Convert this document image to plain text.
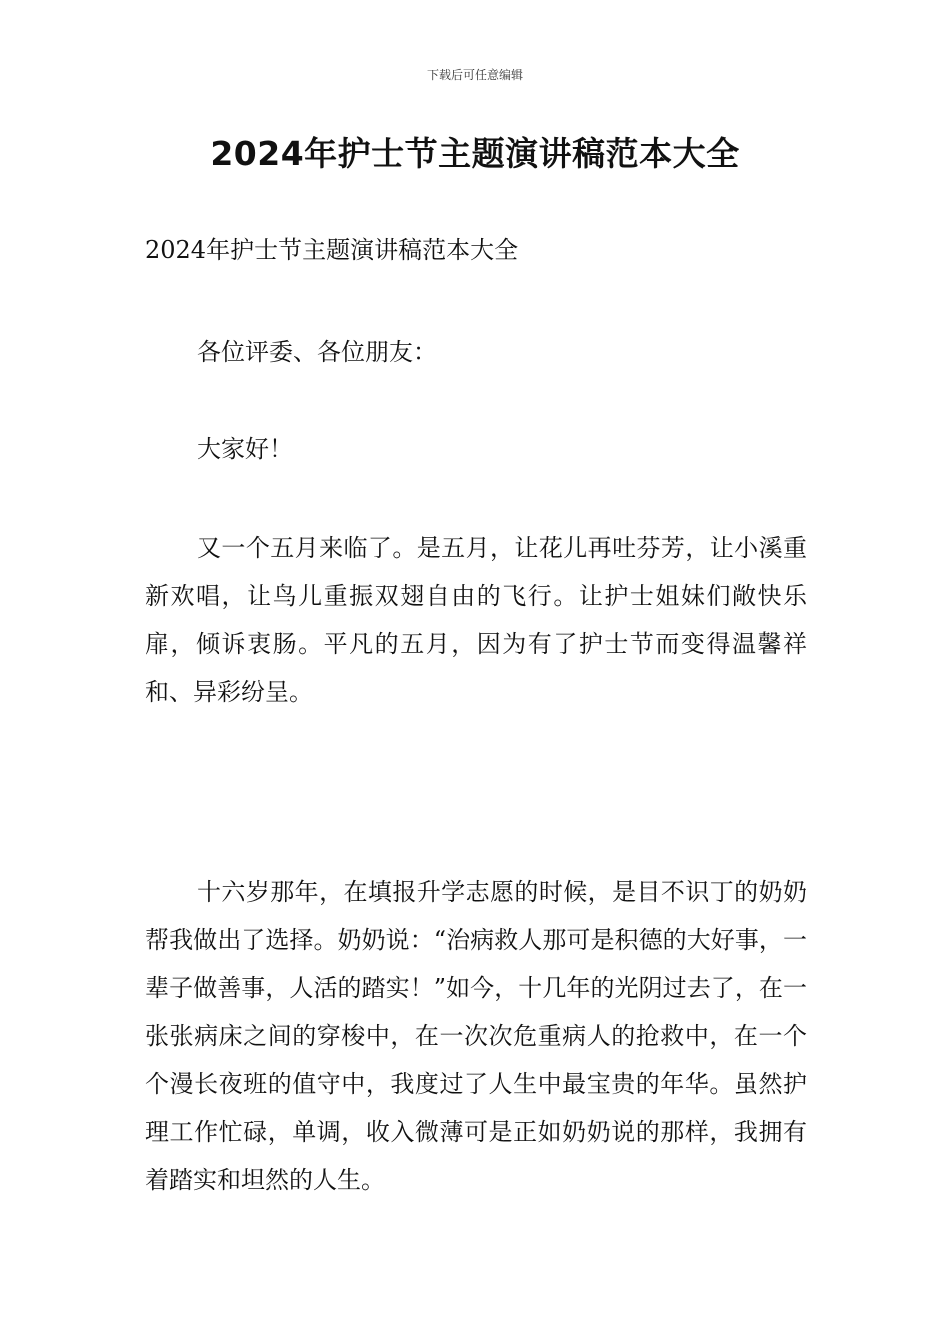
下载后可任意编辑
2024年护士节主题演讲稿范本大全

2024年护士节主题演讲稿范本大全

各位评委、各位朋友：

大家好！

又一个五月来临了。是五月，让花儿再吐芬芳，让小溪重新欢唱，让鸟儿重振双翅自由的飞行。让护士姐妹们敞快乐扉，倾诉衷肠。平凡的五月，因为有了护士节而变得温馨祥和、异彩纷呈。

十六岁那年，在填报升学志愿的时候，是目不识丁的奶奶帮我做出了选择。奶奶说：“治病救人那可是积德的大好事，一辈子做善事，人活的踏实！”如今，十几年的光阴过去了，在一张张病床之间的穿梭中，在一次次危重病人的抢救中，在一个个漫长夜班的值守中，我度过了人生中最宝贵的年华。虽然护理工作忙碌，单调，收入微薄可是正如奶奶说的那样，我拥有着踏实和坦然的人生。
